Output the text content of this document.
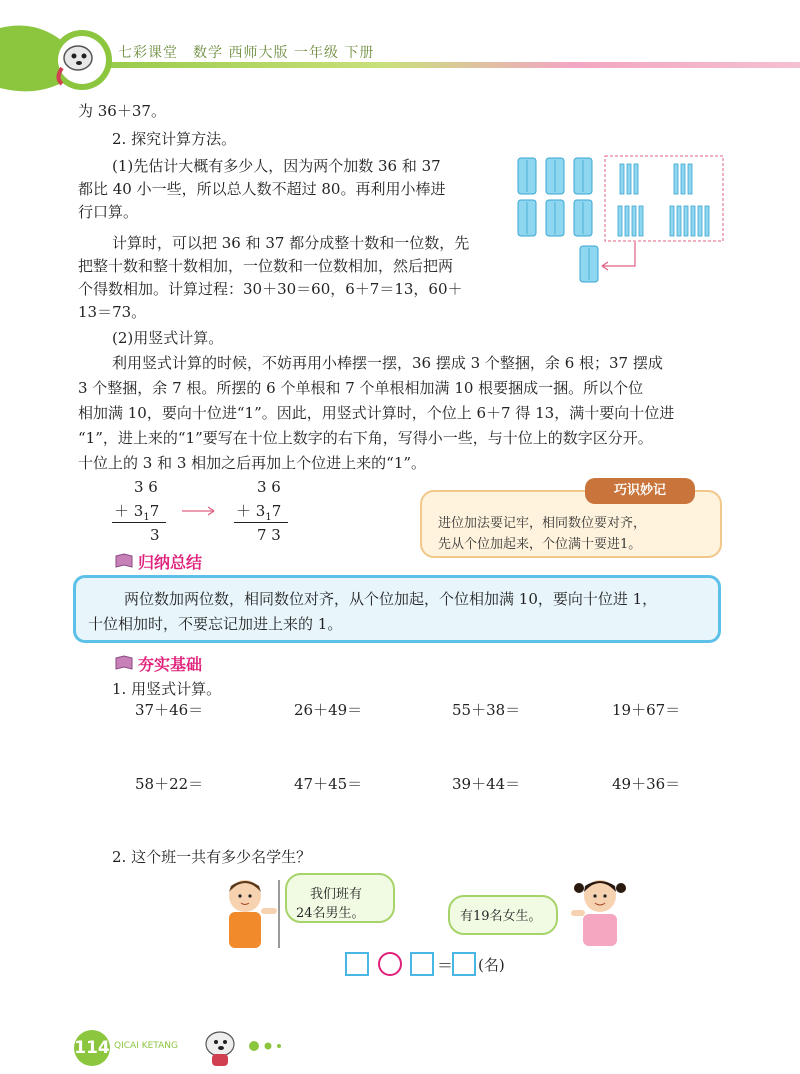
七彩课堂　数学 西师大版 一年级 下册
为 36＋37。
2. 探究计算方法。
(1)先估计大概有多少人，因为两个加数 36 和 37
都比 40 小一些，所以总人数不超过 80。再利用小棒进
行口算。
计算时，可以把 36 和 37 都分成整十数和一位数，先
把整十数和整十数相加，一位数和一位数相加，然后把两
个得数相加。计算过程：30＋30＝60，6＋7＝13，60＋
13＝73。
(2)用竖式计算。
利用竖式计算的时候，不妨再用小棒摆一摆，36 摆成 3 个整捆，余 6 根；37 摆成
3 个整捆，余 7 根。所摆的 6 个单根和 7 个单根相加满 10 根要捆成一捆。所以个位
相加满 10，要向十位进“1”。因此，用竖式计算时，个位上 6＋7 得 13，满十要向十位进
“1”，进上来的“1”要写在十位上数字的右下角，写得小一些，与十位上的数字区分开。
十位上的 3 和 3 相加之后再加上个位进上来的“1”。
3 6
＋ $3_17$
3
3 6
＋ $3_17$
7 3
巧识妙记
进位加法要记牢，相同数位要对齐，
先从个位加起来，个位满十要进1。
归纳总结
两位数加两位数，相同数位对齐，从个位加起，个位相加满 10，要向十位进 1，
十位相加时，不要忘记加进上来的 1。
夯实基础
1. 用竖式计算。
37＋46＝	26＋49＝	55＋38＝	19＋67＝
58＋22＝	47＋45＝	39＋44＝	49＋36＝
2. 这个班一共有多少名学生？
我们班有
24名男生。	有19名女生。
＝ (名)
114 QICAI KETANG
